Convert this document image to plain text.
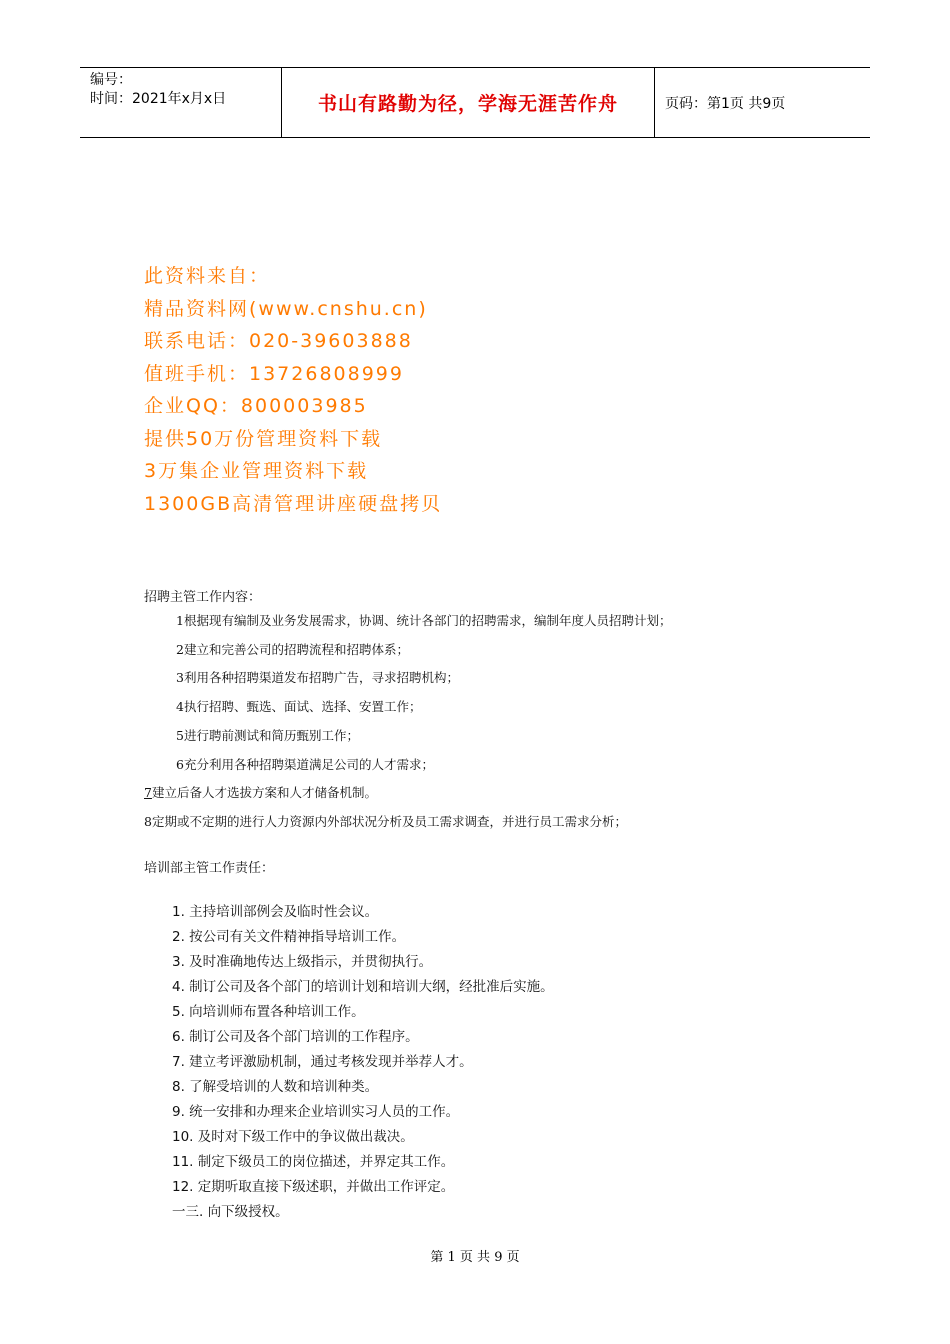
编号：
时间：2021年x月x日	书山有路勤为径，学海无涯苦作舟	页码：第1页 共9页
此资料来自：
精品资料网(www.cnshu.cn)
联系电话：020-39603888
值班手机：13726808999
企业QQ：800003985
提供50万份管理资料下载
3万集企业管理资料下载
1300GB高清管理讲座硬盘拷贝
招聘主管工作内容：
1根据现有编制及业务发展需求，协调、统计各部门的招聘需求，编制年度人员招聘计划；
2建立和完善公司的招聘流程和招聘体系；
3利用各种招聘渠道发布招聘广告，寻求招聘机构；
4执行招聘、甄选、面试、选择、安置工作；
5进行聘前测试和简历甄别工作；
6充分利用各种招聘渠道满足公司的人才需求；
7建立后备人才选拔方案和人才储备机制。
8定期或不定期的进行人力资源内外部状况分析及员工需求调查，并进行员工需求分析；
培训部主管工作责任：
1. 主持培训部例会及临时性会议。
2. 按公司有关文件精神指导培训工作。
3. 及时准确地传达上级指示，并贯彻执行。
4. 制订公司及各个部门的培训计划和培训大纲，经批准后实施。
5. 向培训师布置各种培训工作。
6. 制订公司及各个部门培训的工作程序。
7. 建立考评激励机制，通过考核发现并举荐人才。
8. 了解受培训的人数和培训种类。
9. 统一安排和办理来企业培训实习人员的工作。
10. 及时对下级工作中的争议做出裁决。
11. 制定下级员工的岗位描述，并界定其工作。
12. 定期听取直接下级述职，并做出工作评定。
一三. 向下级授权。
第 1 页 共 9 页
